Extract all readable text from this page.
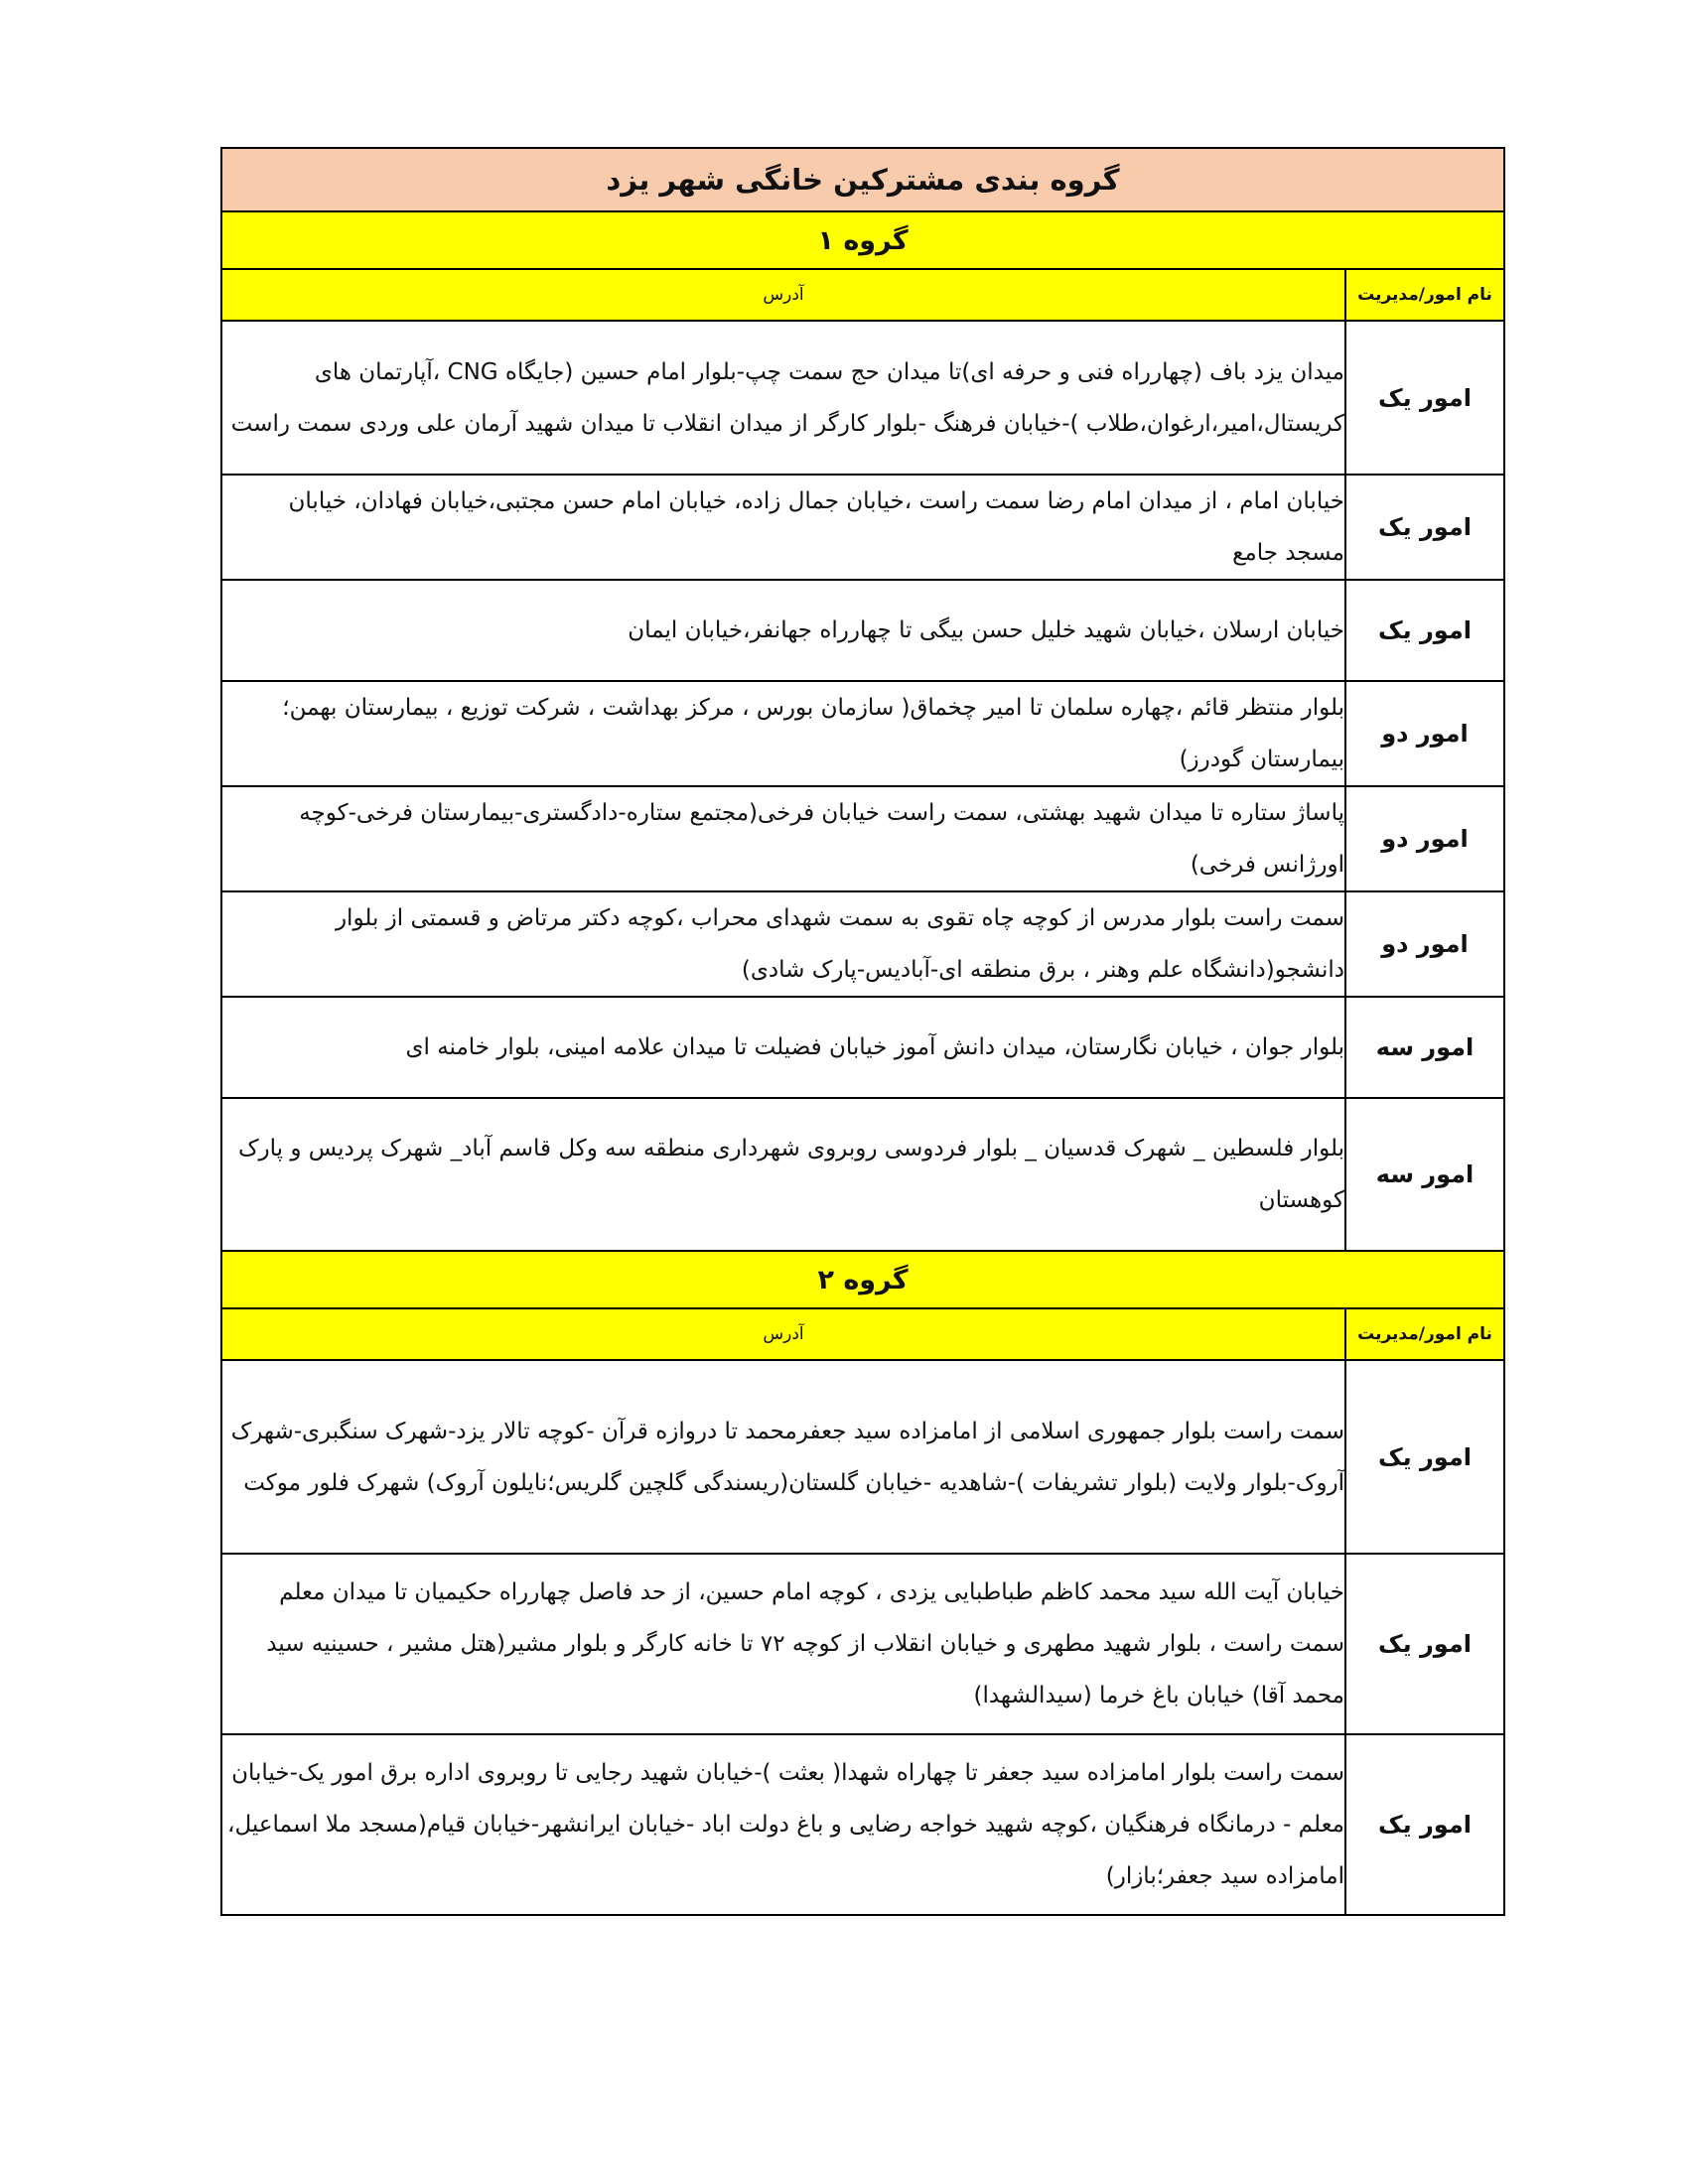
گروه بندی مشترکین خانگی شهر یزد	
گروه ۱	
نام امور/مدیریت	آدرس
امور یک	میدان یزد باف (چهارراه فنی و حرفه ای)تا میدان حج سمت چپ-بلوار امام حسین (جایگاه CNG ،آپارتمان های کریستال،امیر،ارغوان،طلاب )-خیابان فرهنگ -بلوار کارگر از میدان انقلاب تا میدان شهید آرمان علی وردی سمت راست
امور یک	خیابان امام ، از میدان امام رضا سمت راست ،خیابان جمال زاده، خیابان امام حسن مجتبی،خیابان فهادان، خیابان مسجد جامع
امور یک	خیابان ارسلان ،خیابان شهید خلیل حسن بیگی تا چهارراه جهانفر،خیابان ایمان
امور دو	بلوار منتظر قائم ،چهاره سلمان تا امیر چخماق( سازمان بورس ، مرکز بهداشت ، شرکت توزیع ، بیمارستان بهمن؛ بیمارستان گودرز)
امور دو	پاساژ ستاره تا میدان شهید بهشتی، سمت راست خیابان فرخی(مجتمع ستاره-دادگستری-بیمارستان فرخی-کوچه اورژانس فرخی)
امور دو	سمت راست بلوار مدرس از کوچه چاه تقوی به سمت شهدای محراب ،کوچه دکتر مرتاض و قسمتی از بلوار دانشجو(دانشگاه علم وهنر ، برق منطقه ای-آبادیس-پارک شادی)
امور سه	بلوار جوان ، خیابان نگارستان، میدان دانش آموز خیابان فضیلت تا میدان علامه امینی، بلوار خامنه ای
امور سه	بلوار فلسطین _ شهرک قدسیان _ بلوار فردوسی روبروی شهرداری منطقه سه وکل قاسم آباد_ شهرک پردیس و پارک کوهستان
گروه ۲	
نام امور/مدیریت	آدرس
امور یک	سمت راست بلوار جمهوری اسلامی از امامزاده سید جعفرمحمد تا دروازه قرآن -کوچه تالار یزد-شهرک سنگبری-شهرک آروک-بلوار ولایت (بلوار تشریفات )-شاهدیه -خیابان گلستان(ریسندگی گلچین گلریس؛نایلون آروک) شهرک فلور موکت
امور یک	خیابان آیت الله سید محمد کاظم طباطبایی یزدی ، کوچه امام حسین، از حد فاصل چهارراه حکیمیان تا میدان معلم سمت راست ، بلوار شهید مطهری و خیابان انقلاب از کوچه ۷۲ تا خانه کارگر و بلوار مشیر(هتل مشیر ، حسینیه سید محمد آقا) خیابان باغ خرما (سیدالشهدا)
امور یک	سمت راست بلوار امامزاده سید جعفر تا چهاراه شهدا( بعثت )-خیابان شهید رجایی تا روبروی اداره برق امور یک-خیابان معلم - درمانگاه فرهنگیان ،کوچه شهید خواجه رضایی و باغ دولت اباد -خیابان ایرانشهر-خیابان قیام(مسجد ملا اسماعیل، امامزاده سید جعفر؛بازار)
